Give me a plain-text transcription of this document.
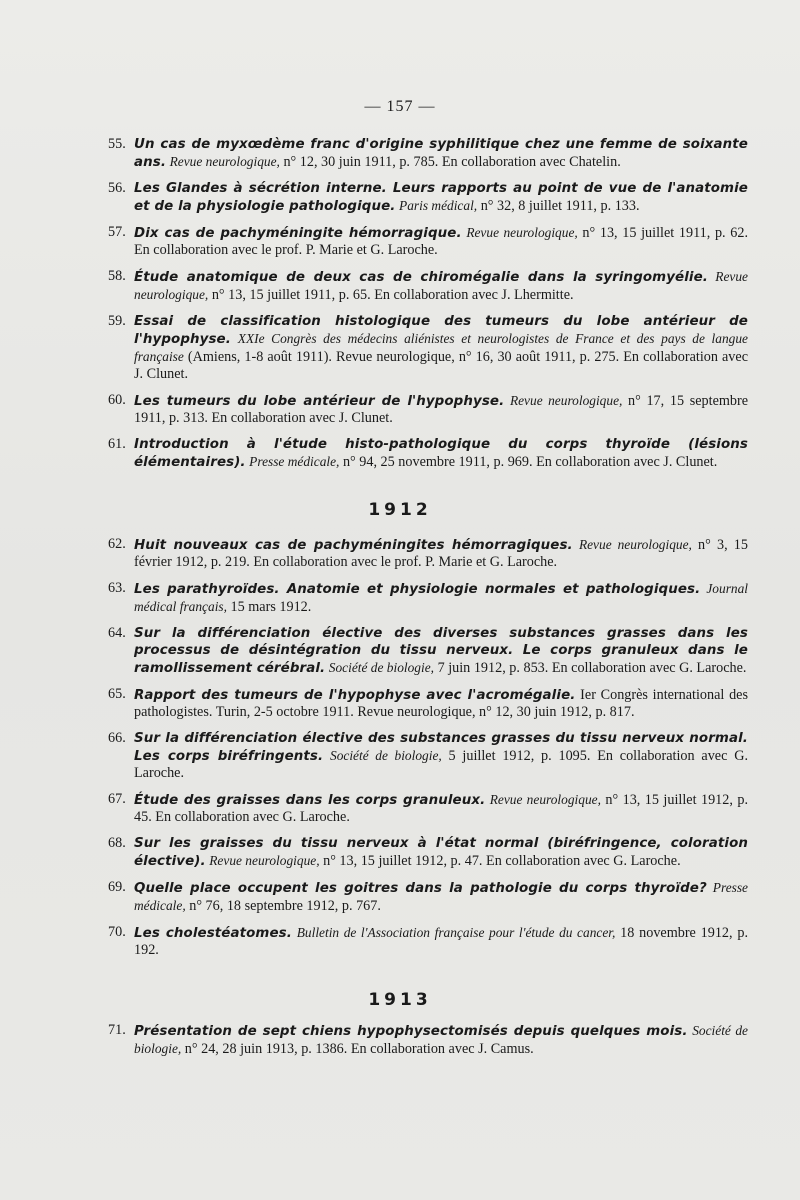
— 157 —
55. Un cas de myxœdème franc d'origine syphilitique chez une femme de soixante ans. Revue neurologique, n° 12, 30 juin 1911, p. 785. En collaboration avec Chatelin.
56. Les Glandes à sécrétion interne. Leurs rapports au point de vue de l'anatomie et de la physiologie pathologique. Paris médical, n° 32, 8 juillet 1911, p. 133.
57. Dix cas de pachyméningite hémorragique. Revue neurologique, n° 13, 15 juillet 1911, p. 62. En collaboration avec le prof. P. Marie et G. Laroche.
58. Étude anatomique de deux cas de chiromégalie dans la syringomyélie. Revue neurologique, n° 13, 15 juillet 1911, p. 65. En collaboration avec J. Lhermitte.
59. Essai de classification histologique des tumeurs du lobe antérieur de l'hypophyse. XXIe Congrès des médecins aliénistes et neurologistes de France et des pays de langue française (Amiens, 1-8 août 1911). Revue neurologique, n° 16, 30 août 1911, p. 275. En collaboration avec J. Clunet.
60. Les tumeurs du lobe antérieur de l'hypophyse. Revue neurologique, n° 17, 15 septembre 1911, p. 313. En collaboration avec J. Clunet.
61. Introduction à l'étude histo-pathologique du corps thyroïde (lésions élémentaires). Presse médicale, n° 94, 25 novembre 1911, p. 969. En collaboration avec J. Clunet.
1912
62. Huit nouveaux cas de pachyméningites hémorragiques. Revue neurologique, n° 3, 15 février 1912, p. 219. En collaboration avec le prof. P. Marie et G. Laroche.
63. Les parathyroïdes. Anatomie et physiologie normales et pathologiques. Journal médical français, 15 mars 1912.
64. Sur la différenciation élective des diverses substances grasses dans les processus de désintégration du tissu nerveux. Le corps granuleux dans le ramollissement cérébral. Société de biologie, 7 juin 1912, p. 853. En collaboration avec G. Laroche.
65. Rapport des tumeurs de l'hypophyse avec l'acromégalie. Ier Congrès international des pathologistes. Turin, 2-5 octobre 1911. Revue neurologique, n° 12, 30 juin 1912, p. 817.
66. Sur la différenciation élective des substances grasses du tissu nerveux normal. Les corps biréfringents. Société de biologie, 5 juillet 1912, p. 1095. En collaboration avec G. Laroche.
67. Étude des graisses dans les corps granuleux. Revue neurologique, n° 13, 15 juillet 1912, p. 45. En collaboration avec G. Laroche.
68. Sur les graisses du tissu nerveux à l'état normal (biréfringence, coloration élective). Revue neurologique, n° 13, 15 juillet 1912, p. 47. En collaboration avec G. Laroche.
69. Quelle place occupent les goitres dans la pathologie du corps thyroïde? Presse médicale, n° 76, 18 septembre 1912, p. 767.
70. Les cholestéatomes. Bulletin de l'Association française pour l'étude du cancer, 18 novembre 1912, p. 192.
1913
71. Présentation de sept chiens hypophysectomisés depuis quelques mois. Société de biologie, n° 24, 28 juin 1913, p. 1386. En collaboration avec J. Camus.
